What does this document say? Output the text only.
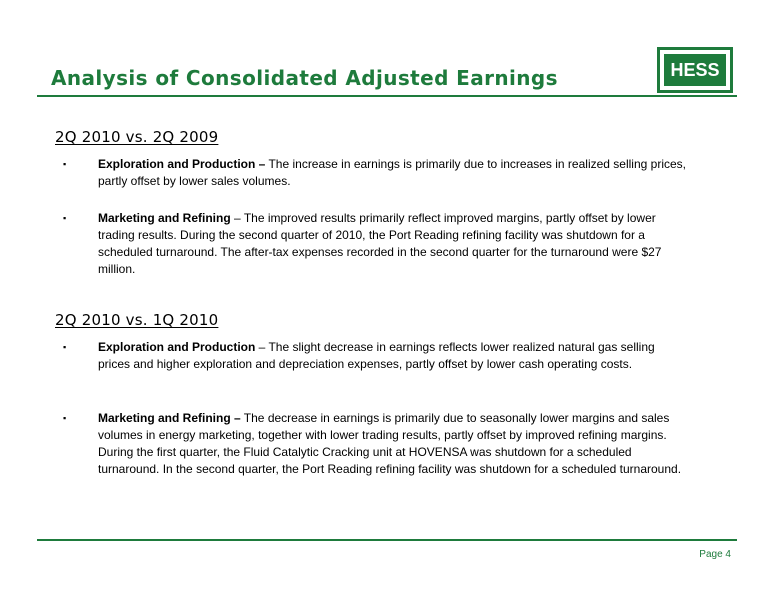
Analysis of Consolidated Adjusted Earnings	HESS
2Q 2010 vs. 2Q 2009
▪	Exploration and Production – The increase in earnings is primarily due to increases in realized selling prices, partly offset by lower sales volumes.
▪	Marketing and Refining – The improved results primarily reflect improved margins, partly offset by lower trading results. During the second quarter of 2010, the Port Reading refining facility was shutdown for a scheduled turnaround. The after-tax expenses recorded in the second quarter for the turnaround were $27 million.
2Q 2010 vs. 1Q 2010
▪	Exploration and Production – The slight decrease in earnings reflects lower realized natural gas selling prices and higher exploration and depreciation expenses, partly offset by lower cash operating costs.
▪	Marketing and Refining – The decrease in earnings is primarily due to seasonally lower margins and sales volumes in energy marketing, together with lower trading results, partly offset by improved refining margins. During the first quarter, the Fluid Catalytic Cracking unit at HOVENSA was shutdown for a scheduled turnaround. In the second quarter, the Port Reading refining facility was shutdown for a scheduled turnaround.
Page 4
